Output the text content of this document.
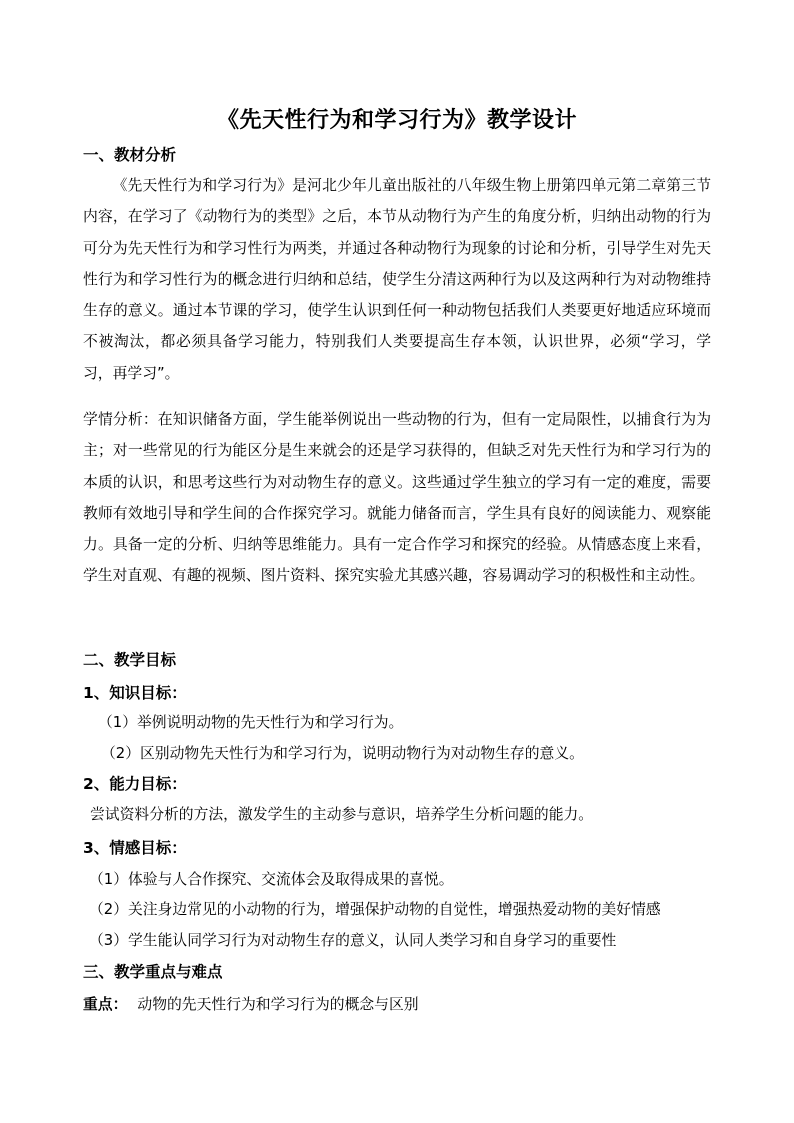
《先天性行为和学习行为》教学设计
一、教材分析
《先天性行为和学习行为》是河北少年儿童出版社的八年级生物上册第四单元第二章第三节内容，在学习了《动物行为的类型》之后，本节从动物行为产生的角度分析，归纳出动物的行为可分为先天性行为和学习性行为两类，并通过各种动物行为现象的讨论和分析，引导学生对先天性行为和学习性行为的概念进行归纳和总结，使学生分清这两种行为以及这两种行为对动物维持生存的意义。通过本节课的学习，使学生认识到任何一种动物包括我们人类要更好地适应环境而不被淘汰，都必须具备学习能力，特别我们人类要提高生存本领，认识世界，必须“学习，学习，再学习”。
学情分析：在知识储备方面，学生能举例说出一些动物的行为，但有一定局限性，以捕食行为为主；对一些常见的行为能区分是生来就会的还是学习获得的，但缺乏对先天性行为和学习行为的本质的认识，和思考这些行为对动物生存的意义。这些通过学生独立的学习有一定的难度，需要教师有效地引导和学生间的合作探究学习。就能力储备而言，学生具有良好的阅读能力、观察能力。具备一定的分析、归纳等思维能力。具有一定合作学习和探究的经验。从情感态度上来看，学生对直观、有趣的视频、图片资料、探究实验尤其感兴趣，容易调动学习的积极性和主动性。
二、教学目标
1、知识目标：
（1）举例说明动物的先天性行为和学习行为。
（2）区别动物先天性行为和学习行为，说明动物行为对动物生存的意义。
2、能力目标：
尝试资料分析的方法，激发学生的主动参与意识，培养学生分析问题的能力。
3、情感目标：
（1）体验与人合作探究、交流体会及取得成果的喜悦。
（2）关注身边常见的小动物的行为，增强保护动物的自觉性，增强热爱动物的美好情感
（3）学生能认同学习行为对动物生存的意义，认同人类学习和自身学习的重要性
三、教学重点与难点
重点： 动物的先天性行为和学习行为的概念与区别
